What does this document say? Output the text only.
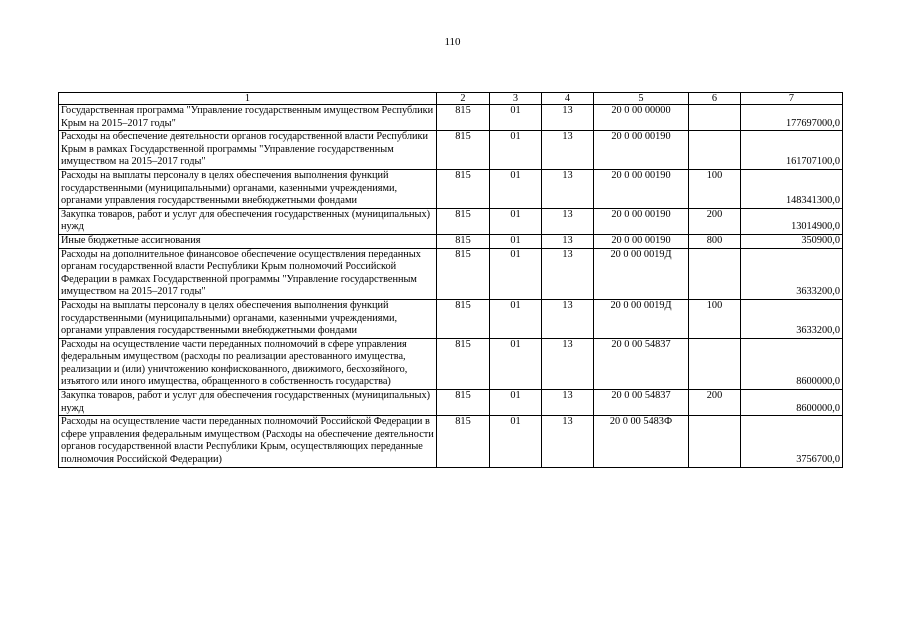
110
1	2	3	4	5	6	7
Государственная программа "Управление государственным имуществом Республики Крым на 2015–2017 годы"	815	01	13	20 0 00 00000		177697000,0
Расходы на обеспечение деятельности органов государственной власти Республики Крым в рамках Государственной программы "Управление государственным имуществом на 2015–2017 годы"	815	01	13	20 0 00 00190		161707100,0
Расходы на выплаты персоналу в целях обеспечения выполнения функций государственными (муниципальными) органами, казенными учреждениями, органами управления государственными внебюджетными фондами	815	01	13	20 0 00 00190	100	148341300,0
Закупка товаров, работ и услуг для обеспечения государственных (муниципальных) нужд	815	01	13	20 0 00 00190	200	13014900,0
Иные бюджетные ассигнования	815	01	13	20 0 00 00190	800	350900,0
Расходы на дополнительное финансовое обеспечение осуществления переданных органам государственной власти Республики Крым полномочий Российской Федерации в рамках Государственной программы "Управление государственным имуществом на 2015–2017 годы"	815	01	13	20 0 00 0019Д		3633200,0
Расходы на выплаты персоналу в целях обеспечения выполнения функций государственными (муниципальными) органами, казенными учреждениями, органами управления государственными внебюджетными фондами	815	01	13	20 0 00 0019Д	100	3633200,0
Расходы на осуществление части переданных полномочий в сфере управления федеральным имуществом (расходы по реализации арестованного имущества, реализации и (или) уничтожению конфискованного, движимого, бесхозяйного, изъятого или иного имущества, обращенного в собственность государства)	815	01	13	20 0 00 54837		8600000,0
Закупка товаров, работ и услуг для обеспечения государственных (муниципальных) нужд	815	01	13	20 0 00 54837	200	8600000,0
Расходы на осуществление части переданных полномочий Российской Федерации в сфере управления федеральным имуществом (Расходы на обеспечение деятельности органов государственной власти Республики Крым, осуществляющих переданные полномочия Российской Федерации)	815	01	13	20 0 00 5483Ф		3756700,0
